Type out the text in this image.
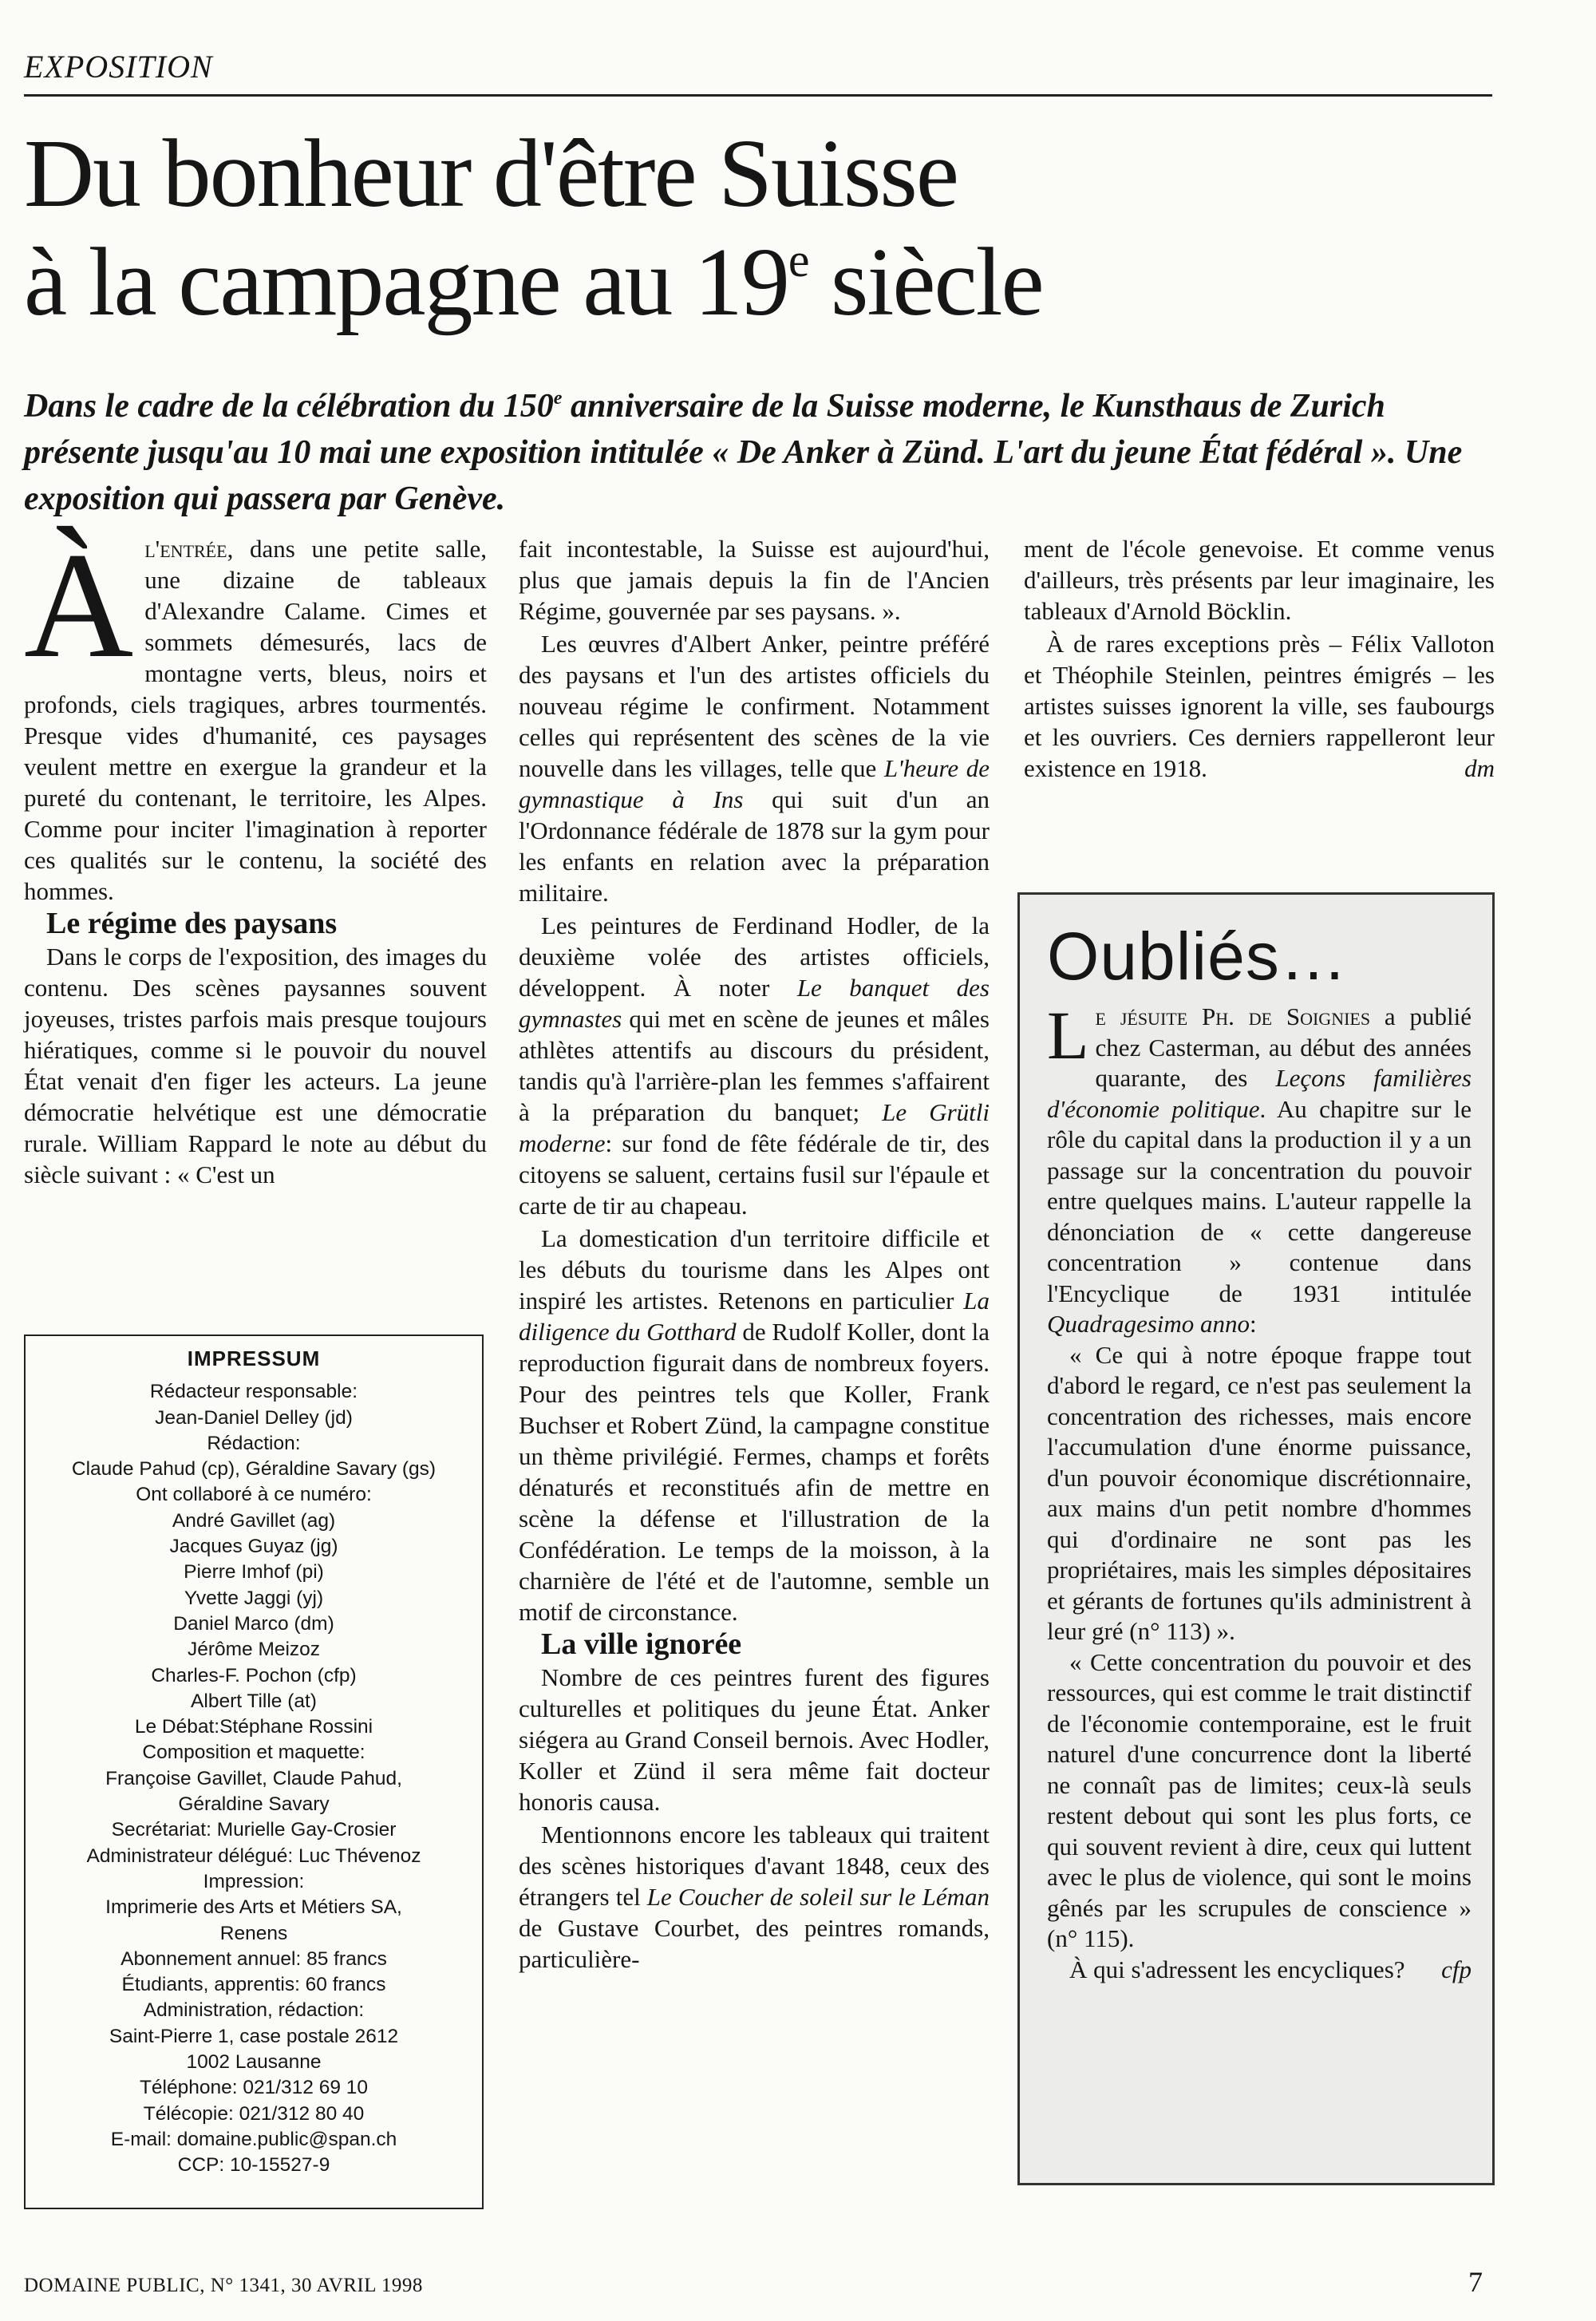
EXPOSITION
Du bonheur d'être Suisse
à la campagne au 19e siècle

Dans le cadre de la célébration du 150e anniversaire de la Suisse moderne, le Kunsthaus de Zurich présente jusqu'au 10 mai une exposition intitulée « De Anker à Zünd. L'art du jeune État fédéral ». Une exposition qui passera par Genève.

Àl'entrée, dans une petite salle, une dizaine de tableaux d'Alexandre Calame. Cimes et sommets démesurés, lacs de montagne verts, bleus, noirs et profonds, ciels tragiques, arbres tourmentés. Presque vides d'humanité, ces paysages veulent mettre en exergue la grandeur et la pureté du contenant, le territoire, les Alpes. Comme pour inciter l'imagination à reporter ces qualités sur le contenu, la société des hommes.

Le régime des paysans

Dans le corps de l'exposition, des images du contenu. Des scènes paysannes souvent joyeuses, tristes parfois mais presque toujours hiératiques, comme si le pouvoir du nouvel État venait d'en figer les acteurs. La jeune démocratie helvétique est une démocratie rurale. William Rappard le note au début du siècle suivant : « C'est un

IMPRESSUM
Rédacteur responsable:
Jean-Daniel Delley (jd)
Rédaction:
Claude Pahud (cp), Géraldine Savary (gs)
Ont collaboré à ce numéro:
André Gavillet (ag)
Jacques Guyaz (jg)
Pierre Imhof (pi)
Yvette Jaggi (yj)
Daniel Marco (dm)
Jérôme Meizoz
Charles-F. Pochon (cfp)
Albert Tille (at)
Le Débat:Stéphane Rossini
Composition et maquette:
Françoise Gavillet, Claude Pahud,
Géraldine Savary
Secrétariat: Murielle Gay-Crosier
Administrateur délégué: Luc Thévenoz
Impression:
Imprimerie des Arts et Métiers SA,
Renens
Abonnement annuel: 85 francs
Étudiants, apprentis: 60 francs
Administration, rédaction:
Saint-Pierre 1, case postale 2612
1002 Lausanne
Téléphone: 021/312 69 10
Télécopie: 021/312 80 40
E-mail: domaine.public@span.ch
CCP: 10-15527-9

fait incontestable, la Suisse est aujourd'hui, plus que jamais depuis la fin de l'Ancien Régime, gouvernée par ses paysans. ».

Les œuvres d'Albert Anker, peintre préféré des paysans et l'un des artistes officiels du nouveau régime le confirment. Notamment celles qui représentent des scènes de la vie nouvelle dans les villages, telle que L'heure de gymnastique à Ins qui suit d'un an l'Ordonnance fédérale de 1878 sur la gym pour les enfants en relation avec la préparation militaire.

Les peintures de Ferdinand Hodler, de la deuxième volée des artistes officiels, développent. À noter Le banquet des gymnastes qui met en scène de jeunes et mâles athlètes attentifs au discours du président, tandis qu'à l'arrière-plan les femmes s'affairent à la préparation du banquet; Le Grütli moderne: sur fond de fête fédérale de tir, des citoyens se saluent, certains fusil sur l'épaule et carte de tir au chapeau.

La domestication d'un territoire difficile et les débuts du tourisme dans les Alpes ont inspiré les artistes. Retenons en particulier La diligence du Gotthard de Rudolf Koller, dont la reproduction figurait dans de nombreux foyers. Pour des peintres tels que Koller, Frank Buchser et Robert Zünd, la campagne constitue un thème privilégié. Fermes, champs et forêts dénaturés et reconstitués afin de mettre en scène la défense et l'illustration de la Confédération. Le temps de la moisson, à la charnière de l'été et de l'automne, semble un motif de circonstance.

La ville ignorée

Nombre de ces peintres furent des figures culturelles et politiques du jeune État. Anker siégera au Grand Conseil bernois. Avec Hodler, Koller et Zünd il sera même fait docteur honoris causa.

Mentionnons encore les tableaux qui traitent des scènes historiques d'avant 1848, ceux des étrangers tel Le Coucher de soleil sur le Léman de Gustave Courbet, des peintres romands, particulière-

ment de l'école genevoise. Et comme venus d'ailleurs, très présents par leur imaginaire, les tableaux d'Arnold Böcklin.

À de rares exceptions près – Félix Valloton et Théophile Steinlen, peintres émigrés – les artistes suisses ignorent la ville, ses faubourgs et les ouvriers. Ces derniers rappelleront leur existence en 1918.	dm

Oubliés…

Le jésuite Ph. de Soignies a publié chez Casterman, au début des années quarante, des Leçons familières d'économie politique. Au chapitre sur le rôle du capital dans la production il y a un passage sur la concentration du pouvoir entre quelques mains. L'auteur rappelle la dénonciation de « cette dangereuse concentration » contenue dans l'Encyclique de 1931 intitulée Quadragesimo anno:

« Ce qui à notre époque frappe tout d'abord le regard, ce n'est pas seulement la concentration des richesses, mais encore l'accumulation d'une énorme puissance, d'un pouvoir économique discrétionnaire, aux mains d'un petit nombre d'hommes qui d'ordinaire ne sont pas les propriétaires, mais les simples dépositaires et gérants de fortunes qu'ils administrent à leur gré (n° 113) ».

« Cette concentration du pouvoir et des ressources, qui est comme le trait distinctif de l'économie contemporaine, est le fruit naturel d'une concurrence dont la liberté ne connaît pas de limites; ceux-là seuls restent debout qui sont les plus forts, ce qui souvent revient à dire, ceux qui luttent avec le plus de violence, qui sont le moins gênés par les scrupules de conscience » (n° 115).

À qui s'adressent les encycliques?	cfp

DOMAINE PUBLIC, N° 1341, 30 AVRIL 1998	7
